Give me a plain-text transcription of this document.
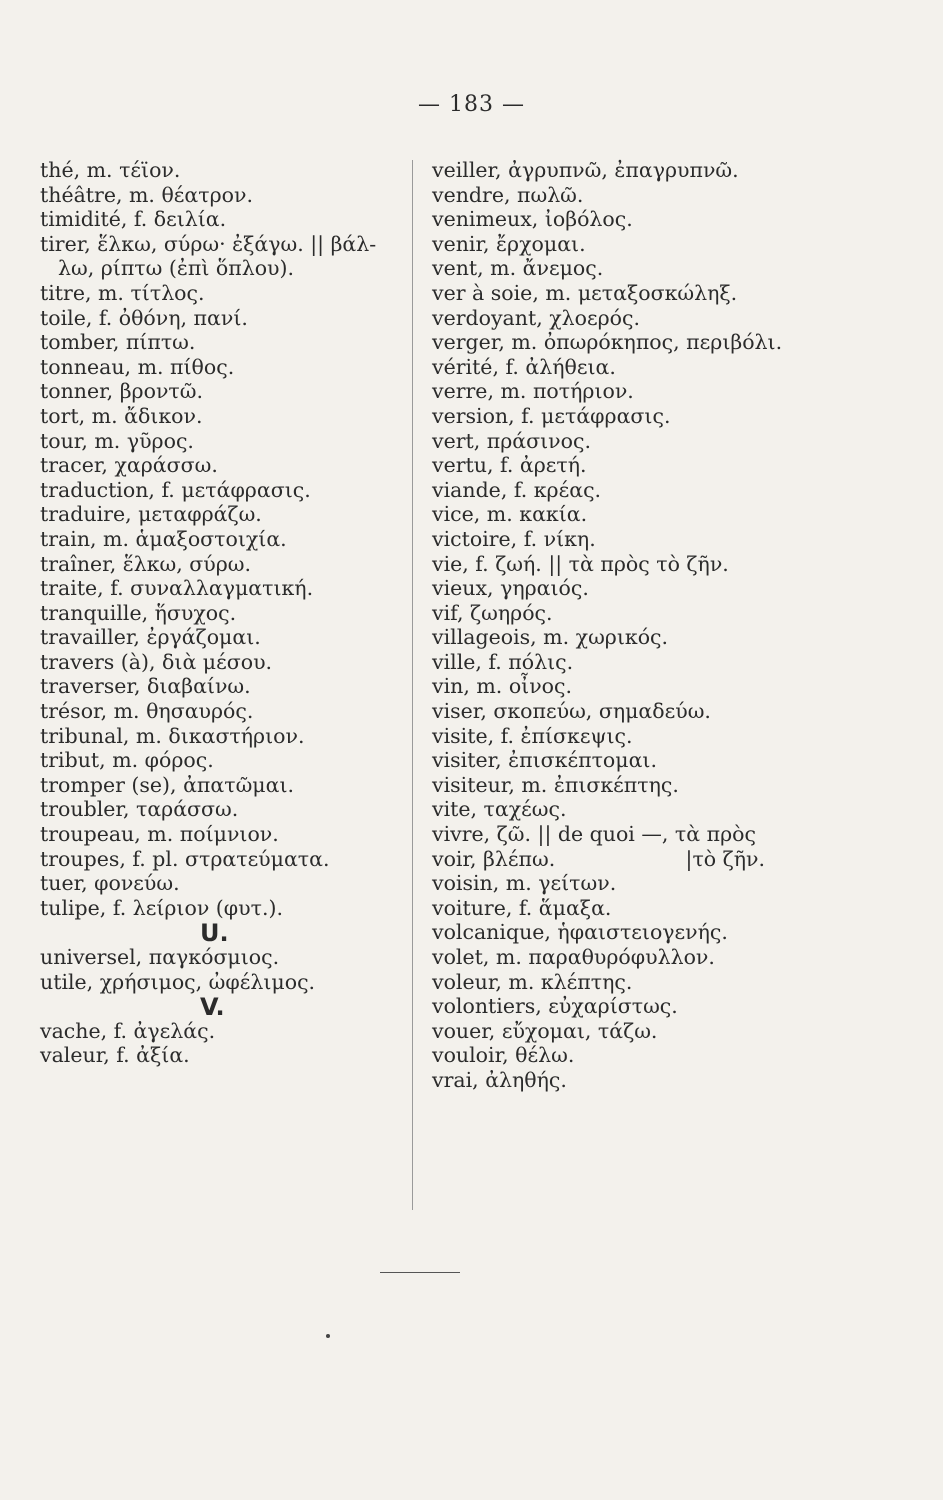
— 183 —
thé, m. τέϊον.
théâtre, m. θέατρον.
timidité, f. δειλία.
tirer, ἕλκω, σύρω· ἐξάγω. || βάλ-
λω, ρίπτω (ἐπὶ ὅπλου).
titre, m. τίτλος.
toile, f. ὀθόνη, πανί.
tomber, πίπτω.
tonneau, m. πίθος.
tonner, βροντῶ.
tort, m. ἄδικον.
tour, m. γῦρος.
tracer, χαράσσω.
traduction, f. μετάφρασις.
traduire, μεταφράζω.
train, m. ἁμαξοστοιχία.
traîner, ἕλκω, σύρω.
traite, f. συναλλαγματική.
tranquille, ἥσυχος.
travailler, ἐργάζομαι.
travers (à), διὰ μέσου.
traverser, διαβαίνω.
trésor, m. θησαυρός.
tribunal, m. δικαστήριον.
tribut, m. φόρος.
tromper (se), ἀπατῶμαι.
troubler, ταράσσω.
troupeau, m. ποίμνιον.
troupes, f. pl. στρατεύματα.
tuer, φονεύω.
tulipe, f. λείριον (φυτ.).
U.
universel, παγκόσμιος.
utile, χρήσιμος, ὠφέλιμος.
V.
vache, f. ἀγελάς.
valeur, f. ἀξία.
veiller, ἀγρυπνῶ, ἐπαγρυπνῶ.
vendre, πωλῶ.
venimeux, ἰοβόλος.
venir, ἔρχομαι.
vent, m. ἄνεμος.
ver à soie, m. μεταξοσκώληξ.
verdoyant, χλοερός.
verger, m. ὀπωρόκηπος, περιβόλι.
vérité, f. ἀλήθεια.
verre, m. ποτήριον.
version, f. μετάφρασις.
vert, πράσινος.
vertu, f. ἀρετή.
viande, f. κρέας.
vice, m. κακία.
victoire, f. νίκη.
vie, f. ζωή. || τὰ πρὸς τὸ ζῆν.
vieux, γηραιός.
vif, ζωηρός.
villageois, m. χωρικός.
ville, f. πόλις.
vin, m. οἶνος.
viser, σκοπεύω, σημαδεύω.
visite, f. ἐπίσκεψις.
visiter, ἐπισκέπτομαι.
visiteur, m. ἐπισκέπτης.
vite, ταχέως.
vivre, ζῶ. || de quoi —, τὰ πρὸς
voir, βλέπω.                    |τὸ ζῆν.
voisin, m. γείτων.
voiture, f. ἅμαξα.
volcanique, ἡφαιστειογενής.
volet, m. παραθυρόφυλλον.
voleur, m. κλέπτης.
volontiers, εὐχαρίστως.
vouer, εὔχομαι, τάζω.
vouloir, θέλω.
vrai, ἀληθής.
